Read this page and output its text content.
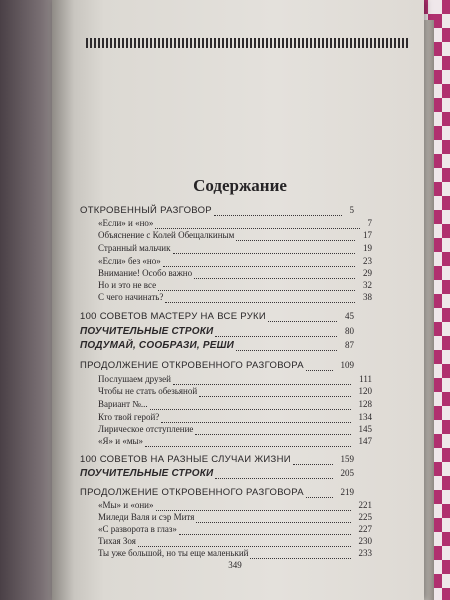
Содержание
ОТКРОВЕННЫЙ РАЗГОВОР	5
«Если» и «но»	7
Объяснение с Колей Обещалкиным	17
Странный мальчик	19
«Если» без «но»	23
Внимание! Особо важно	29
Но и это не все	32
С чего начинать?	38
100 СОВЕТОВ МАСТЕРУ НА ВСЕ РУКИ	45
ПОУЧИТЕЛЬНЫЕ СТРОКИ	80
ПОДУМАЙ, СООБРАЗИ, РЕШИ	87
ПРОДОЛЖЕНИЕ ОТКРОВЕННОГО РАЗГОВОРА	109
Послушаем друзей	111
Чтобы не стать обезьяной	120
Вариант №...	128
Кто твой герой?	134
Лирическое отступление	145
«Я» и «мы»	147
100 СОВЕТОВ НА РАЗНЫЕ СЛУЧАИ ЖИЗНИ	159
ПОУЧИТЕЛЬНЫЕ СТРОКИ	205
ПРОДОЛЖЕНИЕ ОТКРОВЕННОГО РАЗГОВОРА	219
«Мы» и «они»	221
Миледи Валя и сэр Митя	225
«С разворота в глаз»	227
Тихая Зоя	230
Ты уже большой, но ты еще маленький	233
349
